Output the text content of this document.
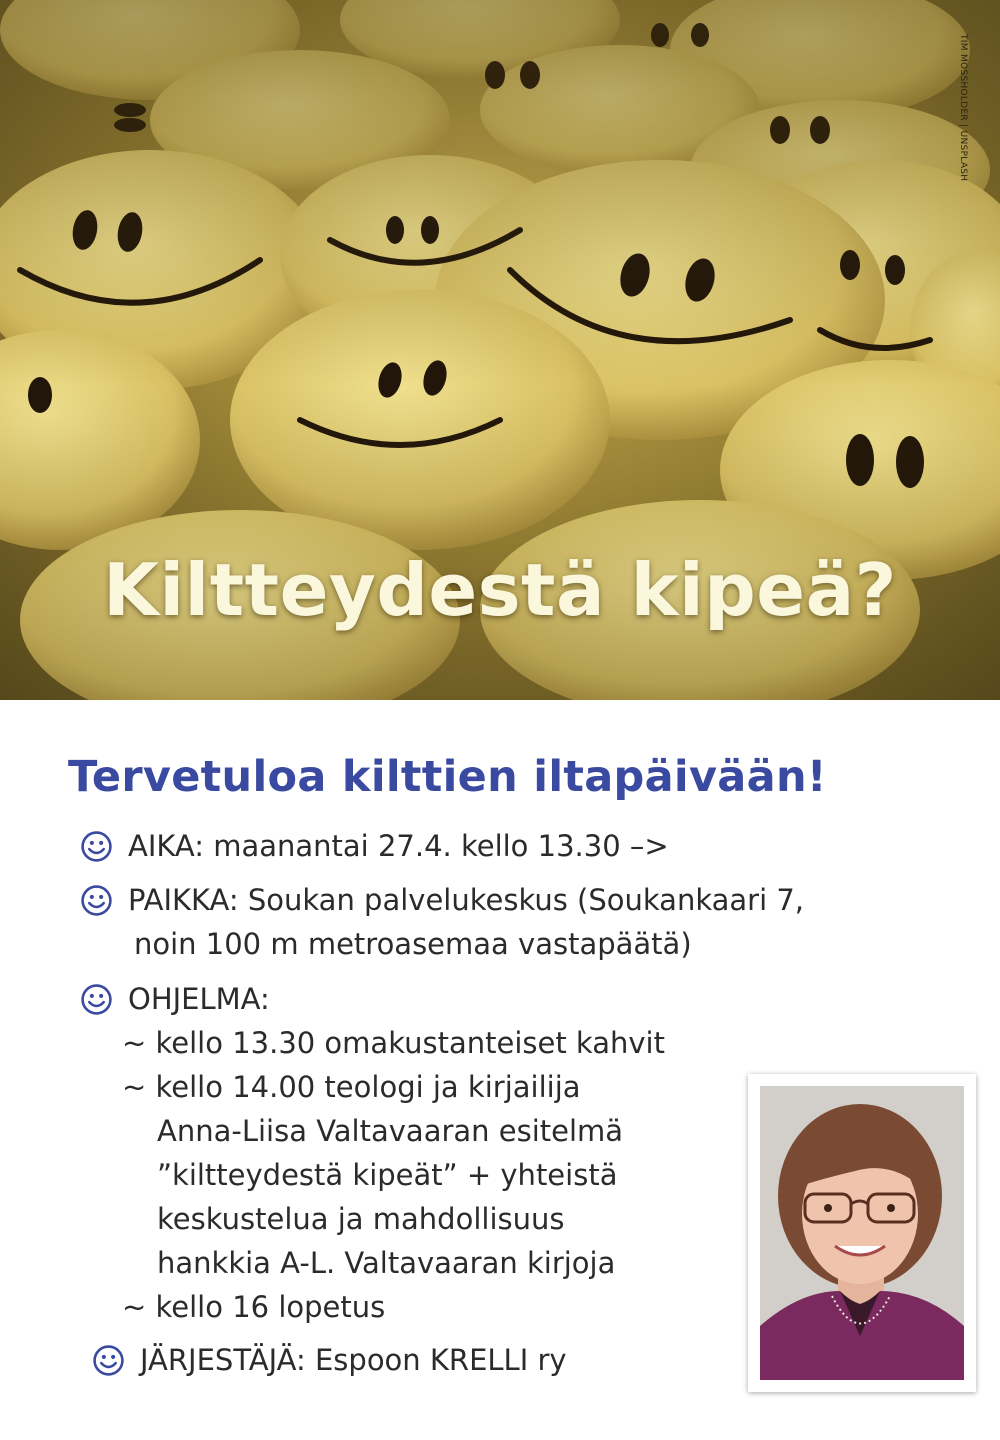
TIM MOSSHOLDER | UNSPLASH
Kiltteydestä kipeä?
Tervetuloa kilttien iltapäivään!

AIKA: maanantai 27.4. kello 13.30 –>

PAIKKA: Soukan palvelukeskus (Soukankaari 7,

noin 100 m metroasemaa vastapäätä)

OHJELMA:

~ kello 13.30 omakustanteiset kahvit

~ kello 14.00 teologi ja kirjailija

Anna-Liisa Valtavaaran esitelmä

”kiltteydestä kipeät” + yhteistä

keskustelua ja mahdollisuus

hankkia A-L. Valtavaaran kirjoja

~ kello 16 lopetus

JÄRJESTÄJÄ: Espoon KRELLI ry
